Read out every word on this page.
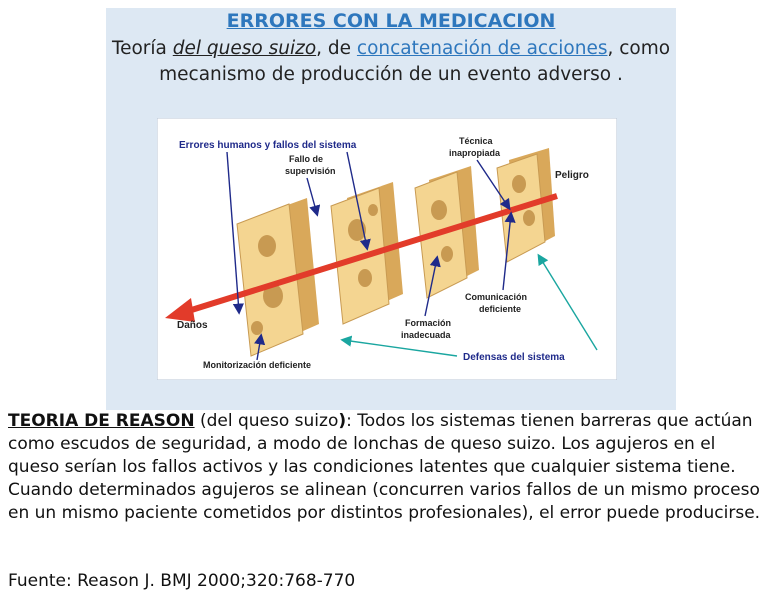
ERRORES CON LA MEDICACION
Teoría del queso suizo, de concatenación de acciones, como
mecanismo de producción de un evento adverso .
Errores humanos y fallos del sistema
Fallo de
supervisión
Técnica
inapropiada
Peligro
Daños
Comunicación
deficiente
Formación
inadecuada
Monitorización deficiente
Defensas del sistema

TEORIA DE REASON (del queso suizo): Todos los sistemas tienen barreras que actúan como escudos de seguridad, a modo de lonchas de queso suizo. Los agujeros en el queso serían los fallos activos y las condiciones latentes que cualquier sistema tiene.

Cuando determinados agujeros se alinean (concurren varios fallos de un mismo proceso en un mismo paciente cometidos por distintos profesionales), el error puede producirse.

Fuente: Reason J. BMJ 2000;320:768-770
